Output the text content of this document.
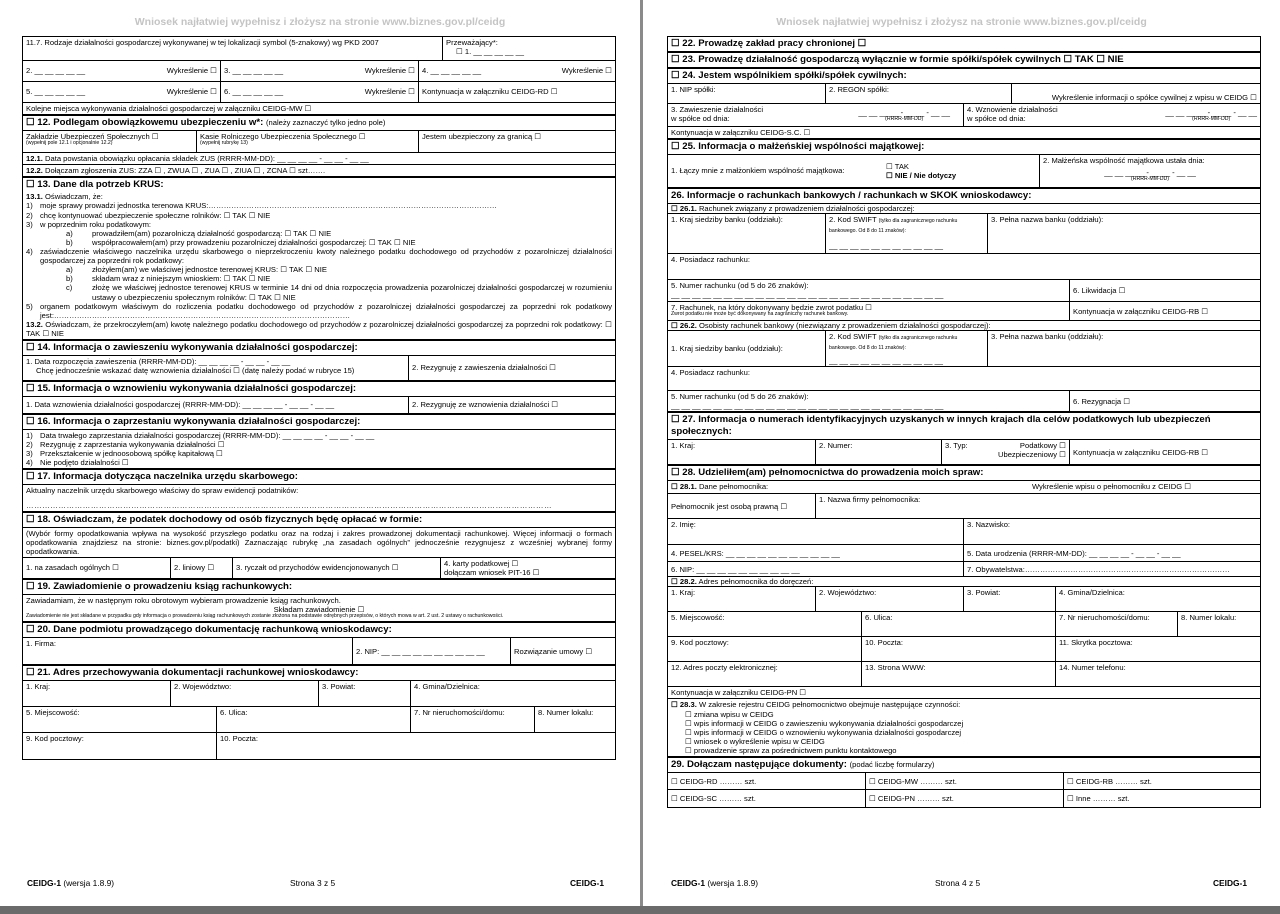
Wniosek najłatwiej wypełnisz i złożysz na stronie www.biznes.gov.pl/ceidg
11.7. Rodzaje działalności gospodarczej wykonywanej w tej lokalizacji symbol (5-znakowy) wg PKD 2007	Przeważający*:
☐ 1. __ __ __ __ __
2. __ __ __ __ __	Wykreślenie ☐ 3. __ __ __ __ __	Wykreślenie ☐ 4. __ __ __ __ __	Wykreślenie ☐
5. __ __ __ __ __	Wykreślenie ☐ 6. __ __ __ __ __	Wykreślenie ☐ Kontynuacja w załączniku CEIDG-RD ☐
Kolejne miejsca wykonywania działalności gospodarczej w załączniku CEIDG-MW ☐
☐ 12. Podlegam obowiązkowemu ubezpieczeniu w*: (należy zaznaczyć tylko jedno pole)
Zakładzie Ubezpieczeń Społecznych ☐
(wypełnij pole 12.1 i opcjonalnie 12.2)
Kasie Rolniczego Ubezpieczenia Społecznego ☐
(wypełnij rubrykę 13)
Jestem ubezpieczony za granicą ☐
12.1. Data powstania obowiązku opłacania składek ZUS (RRRR-MM-DD): __ __ __ __ - __ __ - __ __
12.2. Dołączam zgłoszenia ZUS: ZZA ☐ , ZWUA ☐ , ZUA ☐ , ZIUA ☐ , ZCNA ☐ szt…….
☐ 13. Dane dla potrzeb KRUS:
13.1. Oświadczam, że:
1) moje sprawy prowadzi jednostka terenowa KRUS:……………………………………………………………………………………………………
2) chcę kontynuować ubezpieczenie społeczne rolników: ☐ TAK ☐ NIE
3) w poprzednim roku podatkowym:
a)	prowadziłem(am) pozarolniczą działalność gospodarczą: ☐ TAK ☐ NIE
b)	współpracowałem(am) przy prowadzeniu pozarolniczej działalności gospodarczej: ☐ TAK ☐ NIE
4) zaświadczenie właściwego naczelnika urzędu skarbowego o nieprzekroczeniu kwoty należnego podatku dochodowego od przychodów z pozarolniczej działalności gospodarczej za poprzedni rok podatkowy:
a)	złożyłem(am) we właściwej jednostce terenowej KRUS: ☐ TAK ☐ NIE
b)	składam wraz z niniejszym wnioskiem: ☐ TAK ☐ NIE
c)	złożę we właściwej jednostce terenowej KRUS w terminie 14 dni od dnia rozpoczęcia prowadzenia pozarolniczej działalności gospodarczej w rozumieniu ustawy o ubezpieczeniu społecznym rolników: ☐ TAK ☐ NIE
5) organem podatkowym właściwym do rozliczenia podatku dochodowego od przychodów z pozarolniczej działalności gospodarczej za poprzedni rok podatkowy jest:………………………………………………………………………………………………………
13.2. Oświadczam, że przekroczyłem(am) kwotę należnego podatku dochodowego od przychodów z pozarolniczej działalności gospodarczej za poprzedni rok podatkowy: ☐ TAK ☐ NIE
☐ 14. Informacja o zawieszeniu wykonywania działalności gospodarczej:
1. Data rozpoczęcia zawieszenia (RRRR-MM-DD): __ __ __ __ - __ __ - __ __
Chcę jednocześnie wskazać datę wznowienia działalności ☐ (datę należy podać w rubryce 15)	2. Rezygnuję z zawieszenia działalności ☐
☐ 15. Informacja o wznowieniu wykonywania działalności gospodarczej:
1. Data wznowienia działalności gospodarczej (RRRR-MM-DD): __ __ __ __ - __ __ - __ __	2. Rezygnuję ze wznowienia działalności ☐
☐ 16. Informacja o zaprzestaniu wykonywania działalności gospodarczej:
1) Data trwałego zaprzestania działalności gospodarczej (RRRR-MM-DD): __ __ __ __ - __ __ - __ __
2) Rezygnuję z zaprzestania wykonywania działalności ☐
3) Przekształcenie w jednoosobową spółkę kapitałową ☐
4) Nie podjęto działalności ☐
☐ 17. Informacja dotycząca naczelnika urzędu skarbowego:
Aktualny naczelnik urzędu skarbowego właściwy do spraw ewidencji podatników:
……………………………………………………………………………………………………………………………………………………………………………
☐ 18. Oświadczam, że podatek dochodowy od osób fizycznych będę opłacać w formie:
(Wybór formy opodatkowania wpływa na wysokość przyszłego podatku oraz na rodzaj i zakres prowadzonej dokumentacji rachunkowej. Więcej informacji o formach opodatkowania znajdziesz na stronie: biznes.gov.pl/podatki) Zaznaczając rubrykę „na zasadach ogólnych” jednocześnie rezygnujesz z wcześniej wybranej formy opodatkowania.
1. na zasadach ogólnych ☐	2. liniowy ☐	3. ryczałt od przychodów ewidencjonowanych ☐	4. karty podatkowej ☐
dołączam wniosek PIT-16 ☐
☐ 19. Zawiadomienie o prowadzeniu ksiąg rachunkowych:
Zawiadamiam, że w następnym roku obrotowym wybieram prowadzenie ksiąg rachunkowych.
Składam zawiadomienie ☐
Zawiadomienie nie jest składane w przypadku gdy informacja o prowadzeniu ksiąg rachunkowych zostanie złożona na podstawie odrębnych przepisów, o których mowa w art. 2 ust. 2 ustawy o rachunkowości.
☐ 20. Dane podmiotu prowadzącego dokumentację rachunkową wnioskodawcy:
1. Firma:
2. NIP: __ __ __ __ __ __ __ __ __ __	Rozwiązanie umowy ☐
☐ 21. Adres przechowywania dokumentacji rachunkowej wnioskodawcy:
1. Kraj:	2. Województwo:	3. Powiat:	4. Gmina/Dzielnica:
5. Miejscowość:	6. Ulica:	7. Nr nieruchomości/domu:	8. Numer lokalu:
9. Kod pocztowy:	10. Poczta:
CEIDG-1 (wersja 1.8.9)	Strona 3 z 5	CEIDG-1
Wniosek najłatwiej wypełnisz i złożysz na stronie www.biznes.gov.pl/ceidg
☐ 22. Prowadzę zakład pracy chronionej ☐
☐ 23. Prowadzę działalność gospodarczą wyłącznie w formie spółki/spółek cywilnych ☐ TAK ☐ NIE
☐ 24. Jestem wspólnikiem spółki/spółek cywilnych:
1. NIP spółki:	2. REGON spółki:
Wykreślenie informacji o spółce cywilnej z wpisu w CEIDG ☐
3. Zawieszenie działalności
w spółce od dnia:
__ __ __ __ - __ __ - __ __
(RRRR-MM-DD)
4. Wznowienie działalności
w spółce od dnia:
__ __ __ __ - __ __ - __ __
(RRRR-MM-DD)
Kontynuacja w załączniku CEIDG-S.C. ☐
☐ 25. Informacja o małżeńskiej wspólności majątkowej:
1. Łączy mnie z małżonkiem wspólność majątkowa:
☐ TAK
☐ NIE / Nie dotyczy
2. Małżeńska wspólność majątkowa ustała dnia:
__ __ __ __ - __ __ - __ __
(RRRR-MM-DD)
26. Informacje o rachunkach bankowych / rachunkach w SKOK wnioskodawcy:
☐ 26.1. Rachunek związany z prowadzeniem działalności gospodarczej:
1. Kraj siedziby banku (oddziału):	2. Kod SWIFT (tylko dla zagranicznego rachunku bankowego. Od 8 do 11 znaków):
__ __ __ __ __ __ __ __ __ __ __
3. Pełna nazwa banku (oddziału):
4. Posiadacz rachunku:
5. Numer rachunku (od 5 do 26 znaków):
__ __ __ __ __ __ __ __ __ __ __ __ __ __ __ __ __ __ __ __ __ __ __ __ __ __	6. Likwidacja ☐
7. Rachunek, na który dokonywany będzie zwrot podatku ☐
Zwrot podatku nie może być dokonywany na zagraniczny rachunek bankowy.	Kontynuacja w załączniku CEIDG-RB ☐
☐ 26.2. Osobisty rachunek bankowy (niezwiązany z prowadzeniem działalności gospodarczej):
1. Kraj siedziby banku (oddziału):
2. Kod SWIFT (tylko dla zagranicznego rachunku bankowego. Od 8 do 11 znaków):
__ __ __ __ __ __ __ __ __ __ __
3. Pełna nazwa banku (oddziału):
4. Posiadacz rachunku:
5. Numer rachunku (od 5 do 26 znaków):
__ __ __ __ __ __ __ __ __ __ __ __ __ __ __ __ __ __ __ __ __ __ __ __ __ __
6. Rezygnacja ☐
☐ 27. Informacja o numerach identyfikacyjnych uzyskanych w innych krajach dla celów podatkowych lub ubezpieczeń społecznych:
1. Kraj:	2. Numer:	3. Typ:	Podatkowy ☐
Ubezpieczeniowy ☐ Kontynuacja w załączniku CEIDG-RB ☐
☐ 28. Udzieliłem(am) pełnomocnictwa do prowadzenia moich spraw:
☐ 28.1. Dane pełnomocnika:	Wykreślenie wpisu o pełnomocniku z CEIDG ☐
Pełnomocnik jest osobą prawną ☐
1. Nazwa firmy pełnomocnika:
2. Imię:	3. Nazwisko:
4. PESEL/KRS: __ __ __ __ __ __ __ __ __ __ __	5. Data urodzenia (RRRR-MM-DD): __ __ __ __ - __ __ - __ __
6. NIP: __ __ __ __ __ __ __ __ __ __	7. Obywatelstwa:………………………………………………………………………
☐ 28.2. Adres pełnomocnika do doręczeń:
1. Kraj:	2. Województwo:	3. Powiat:	4. Gmina/Dzielnica:
5. Miejscowość:	6. Ulica:	7. Nr nieruchomości/domu:	8. Numer lokalu:
9. Kod pocztowy:	10. Poczta:	11. Skrytka pocztowa:
12. Adres poczty elektronicznej:	13. Strona WWW:	14. Numer telefonu:
Kontynuacja w załączniku CEIDG-PN ☐
☐ 28.3. W zakresie rejestru CEIDG pełnomocnictwo obejmuje następujące czynności:
☐ zmiana wpisu w CEIDG
☐ wpis informacji w CEIDG o zawieszeniu wykonywania działalności gospodarczej
☐ wpis informacji w CEIDG o wznowieniu wykonywania działalności gospodarczej
☐ wniosek o wykreślenie wpisu w CEIDG
☐ prowadzenie spraw za pośrednictwem punktu kontaktowego
29. Dołączam następujące dokumenty: (podać liczbę formularzy)
☐ CEIDG-RD ……… szt.	☐ CEIDG-MW ……… szt.	☐ CEIDG-RB ……… szt.
☐ CEIDG-SC ……… szt.	☐ CEIDG-PN ……… szt.	☐ Inne ……… szt.
CEIDG-1 (wersja 1.8.9)	Strona 4 z 5	CEIDG-1
